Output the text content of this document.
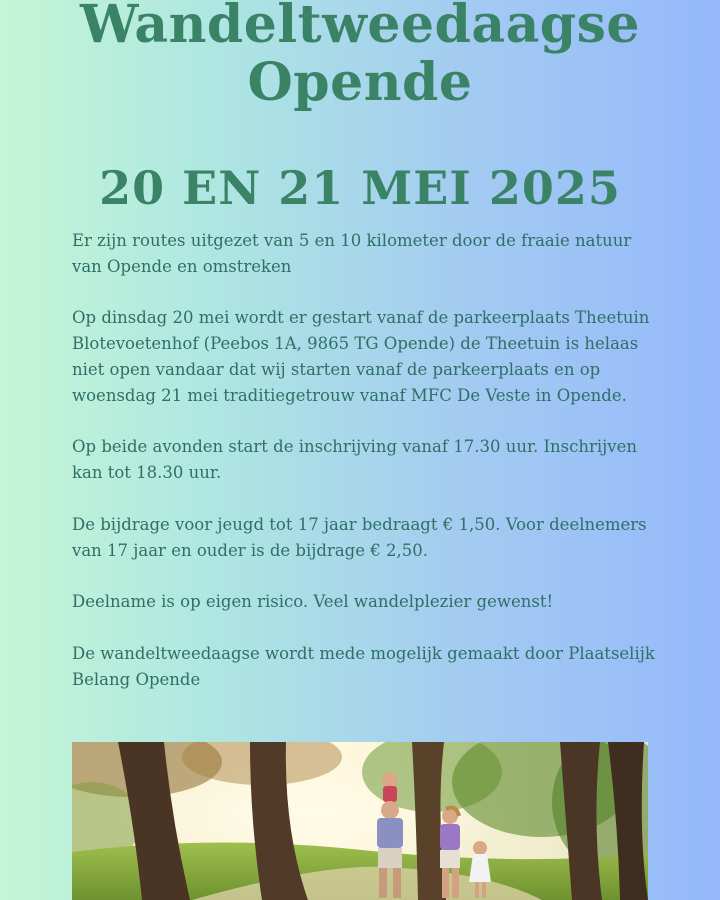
Wandeltweedaagse
Opende
20 EN 21 MEI 2025

Er zijn routes uitgezet van 5 en 10 kilometer door de fraaie natuur van Opende en omstreken

Op dinsdag 20 mei wordt er gestart vanaf de parkeerplaats Theetuin Blotevoetenhof (Peebos 1A, 9865 TG Opende) de Theetuin is helaas niet open vandaar dat wij starten vanaf de parkeerplaats en op woensdag 21 mei traditiegetrouw vanaf MFC De Veste in Opende.

Op beide avonden start de inschrijving vanaf 17.30 uur. Inschrijven kan tot 18.30 uur.

De bijdrage voor jeugd tot 17 jaar bedraagt € 1,50. Voor deelnemers van 17 jaar en ouder is de bijdrage € 2,50.

Deelname is op eigen risico. Veel wandelplezier gewenst!

De wandeltweedaagse wordt mede mogelijk gemaakt door Plaatselijk Belang Opende
